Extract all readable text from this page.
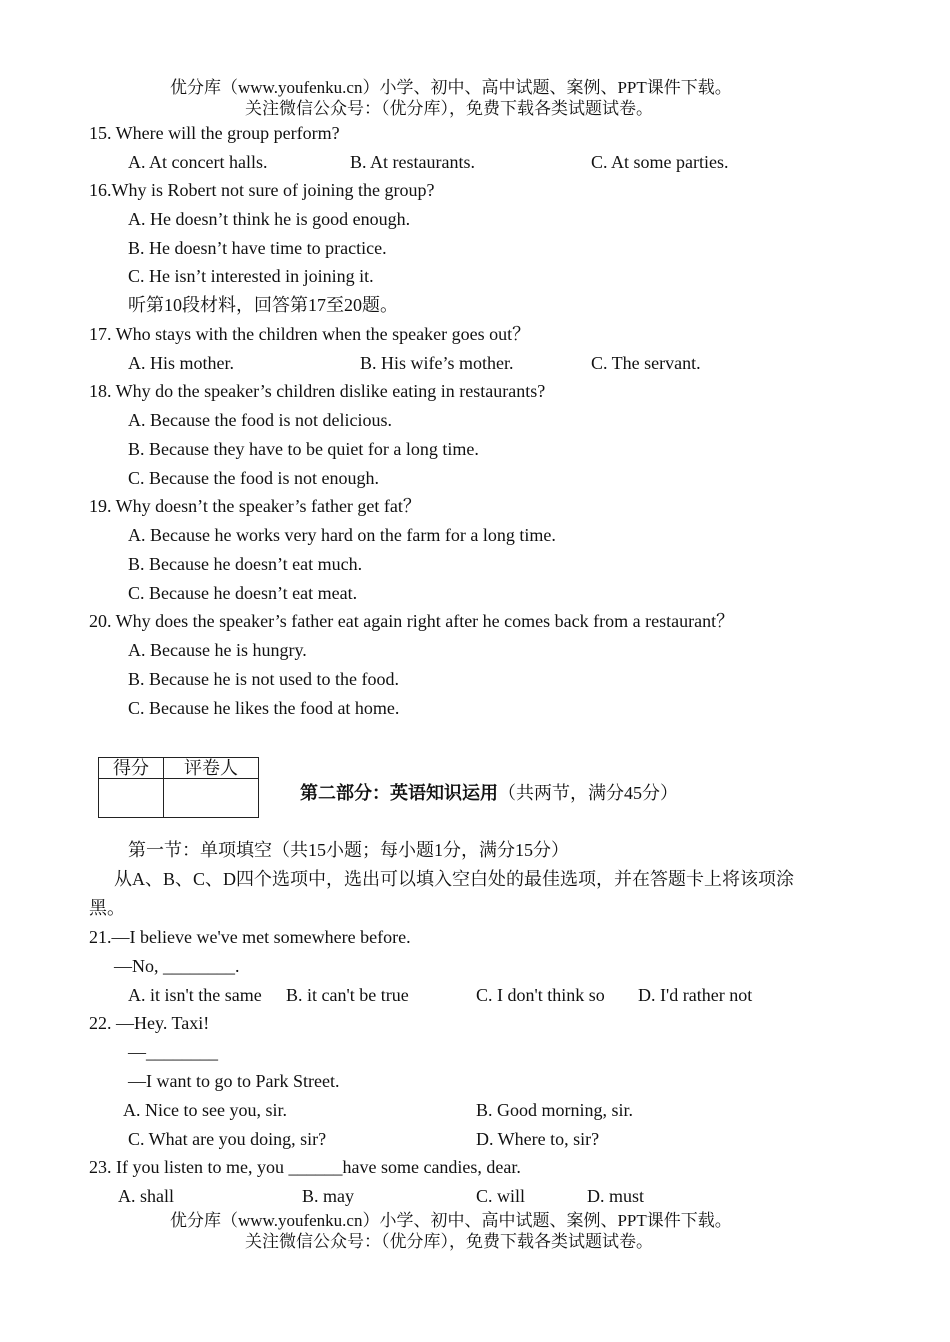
优分库（www.youfenku.cn）小学、初中、高中试题、案例、PPT课件下载。
关注微信公众号：（优分库），免费下载各类试题试卷。
15. Where will the group perform?
A. At concert halls.	B. At restaurants.	C. At some parties.
16.Why is Robert not sure of joining the group?
A. He doesn’t think he is good enough.
B. He doesn’t have time to practice.
C. He isn’t interested in joining it.
听第10段材料，回答第17至20题。
17. Who stays with the children when the speaker goes out？
A. His mother.	B. His wife’s mother.	C. The servant.
18. Why do the speaker’s children dislike eating in restaurants?
A. Because the food is not delicious.
B. Because they have to be quiet for a long time.
C. Because the food is not enough.
19. Why doesn’t the speaker’s father get fat？
A. Because he works very hard on the farm for a long time.
B. Because he doesn’t eat much.
C. Because he doesn’t eat meat.
20. Why does the speaker’s father eat again right after he comes back from a restaurant？
A. Because he is hungry.
B. Because he is not used to the food.
C. Because he likes the food at home.
得分	评卷人

第二部分：英语知识运用（共两节，满分45分）
第一节：单项填空（共15小题；每小题1分，满分15分）
从A、B、C、D四个选项中，选出可以填入空白处的最佳选项，并在答题卡上将该项涂
黑。
21.—I believe we've met somewhere before.
—No, ________.
A. it isn't the same B. it can't be true	C. I don't think so D. I'd rather not
22. —Hey. Taxi!
—________
—I want to go to Park Street.
A. Nice to see you, sir.	B. Good morning, sir.
C. What are you doing, sir?	D. Where to, sir?
23. If you listen to me, you ______have some candies, dear.
A. shall	B. may	C. will	D. must
优分库（www.youfenku.cn）小学、初中、高中试题、案例、PPT课件下载。
关注微信公众号：（优分库），免费下载各类试题试卷。
